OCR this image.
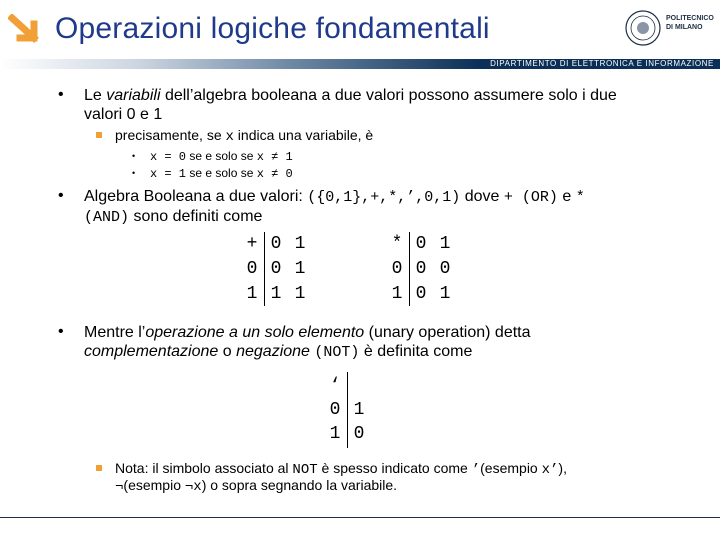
Operazioni logiche fondamentali
DIPARTIMENTO DI ELETTRONICA E INFORMAZIONE
POLITECNICO
DI MILANO
• Le variabili dell’algebra booleana a due valori possono assumere solo i due
valori 0 e 1
precisamente, se x indica una variabile, è
• x = 0 se e solo se x ≠ 1
• x = 1 se e solo se x ≠ 0
• Algebra Booleana a due valori: ({0,1},+,*,’,0,1) dove + (OR) e *
(AND) sono definiti come
+ 0 1
0 0 1
1 1 1
* 0 1
0 0 0
1 0 1
• Mentre l’operazione a un solo elemento (unary operation) detta
complementazione o negazione (NOT) è definita come
‘
0 1
1 0
Nota: il simbolo associato al NOT è spesso indicato come ’(esempio x’),
¬(esempio ¬x) o sopra segnando la variabile.
